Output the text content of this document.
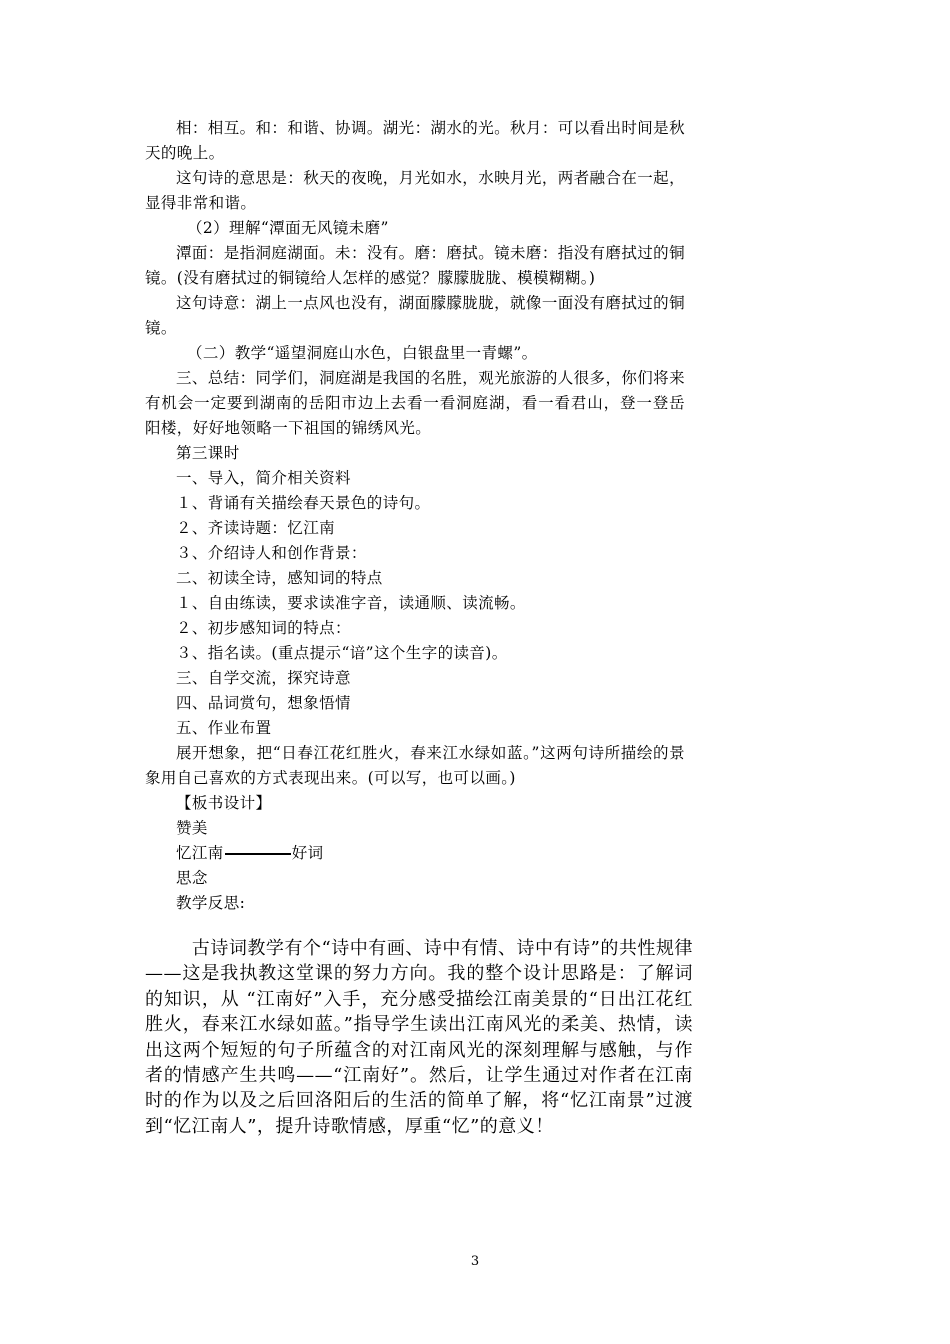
相：相互。和：和谐、协调。湖光：湖水的光。秋月：可以看出时间是秋天的晚上。

这句诗的意思是：秋天的夜晚，月光如水，水映月光，两者融合在一起，显得非常和谐。

（2）理解“潭面无风镜未磨”

潭面：是指洞庭湖面。未：没有。磨：磨拭。镜未磨：指没有磨拭过的铜镜。(没有磨拭过的铜镜给人怎样的感觉？朦朦胧胧、模模糊糊。)

这句诗意：湖上一点风也没有，湖面朦朦胧胧，就像一面没有磨拭过的铜镜。

（二）教学“遥望洞庭山水色，白银盘里一青螺”。

三、总结：同学们，洞庭湖是我国的名胜，观光旅游的人很多，你们将来有机会一定要到湖南的岳阳市边上去看一看洞庭湖，看一看君山，登一登岳阳楼，好好地领略一下祖国的锦绣风光。

第三课时

一、导入，简介相关资料

１、背诵有关描绘春天景色的诗句。

２、齐读诗题：忆江南

３、介绍诗人和创作背景：

二、初读全诗，感知词的特点

１、自由练读，要求读准字音，读通顺、读流畅。

２、初步感知词的特点：

３、指名读。(重点提示“谙”这个生字的读音)。

三、自学交流，探究诗意

四、品词赏句，想象悟情

五、作业布置

展开想象，把“日春江花红胜火，春来江水绿如蓝。”这两句诗所描绘的景象用自己喜欢的方式表现出来。(可以写，也可以画。)

【板书设计】

赞美

忆江南	好词

思念

教学反思:

古诗词教学有个“诗中有画、诗中有情、诗中有诗”的共性规律——这是我执教这堂课的努力方向。我的整个设计思路是：了解词的知识，从 “江南好”入手，充分感受描绘江南美景的“日出江花红胜火，春来江水绿如蓝。”指导学生读出江南风光的柔美、热情，读出这两个短短的句子所蕴含的对江南风光的深刻理解与感触，与作者的情感产生共鸣——“江南好”。然后，让学生通过对作者在江南时的作为以及之后回洛阳后的生活的简单了解，将“忆江南景”过渡到“忆江南人”，提升诗歌情感，厚重“忆”的意义！

3
